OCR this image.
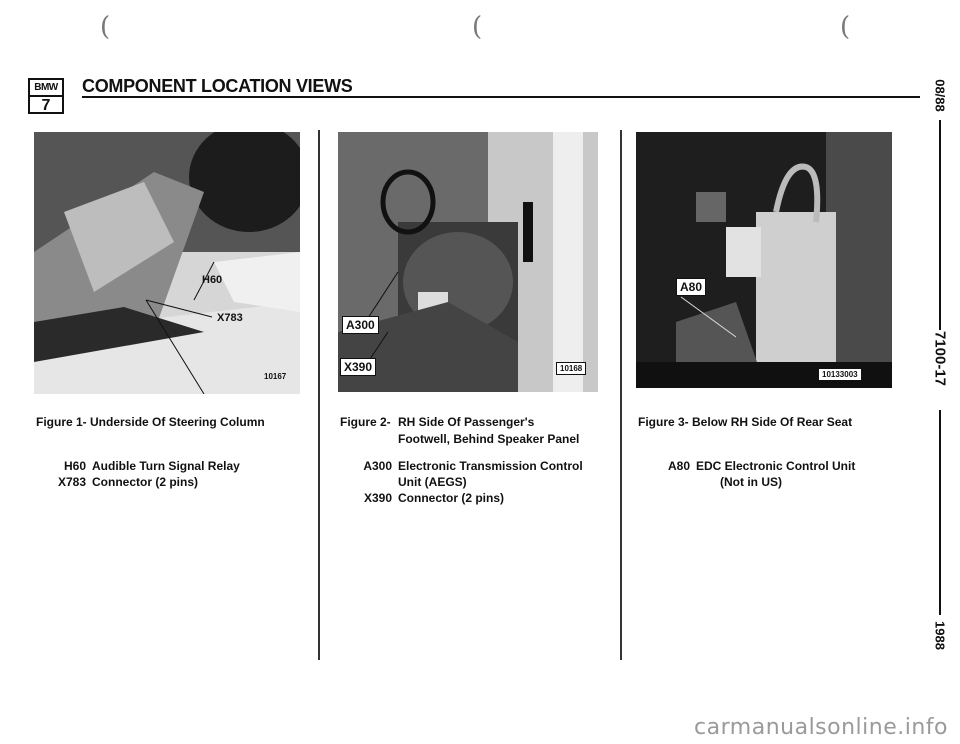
(	(	(
BMW
7
COMPONENT LOCATION VIEWS	08/88
7100-17
1988
H60
X783
10167
A300
X390	10168
A80
10133003
Figure 1- Underside Of Steering Column
H60 Audible Turn Signal Relay
X783 Connector (2 pins)
Figure 2- RH Side Of Passenger's
Footwell, Behind Speaker Panel
A300 Electronic Transmission Control
Unit (AEGS)
X390 Connector (2 pins)
Figure 3- Below RH Side Of Rear Seat
A80 EDC Electronic Control Unit
(Not in US)
carmanualsonline.info
